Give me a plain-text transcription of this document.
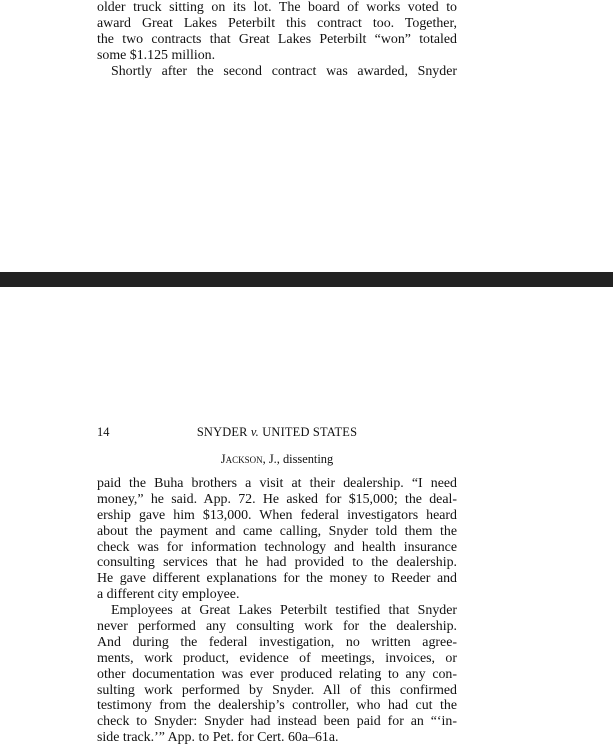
older truck sitting on its lot. The board of works voted to
award Great Lakes Peterbilt this contract too. Together,
the two contracts that Great Lakes Peterbilt “won” totaled
some $1.125 million.
Shortly after the second contract was awarded, Snyder
14	SNYDER v. UNITED STATES
Jackson, J., dissenting
paid the Buha brothers a visit at their dealership. “I need
money,” he said. App. 72. He asked for $15,000; the deal-
ership gave him $13,000. When federal investigators heard
about the payment and came calling, Snyder told them the
check was for information technology and health insurance
consulting services that he had provided to the dealership.
He gave different explanations for the money to Reeder and
a different city employee.
Employees at Great Lakes Peterbilt testified that Snyder
never performed any consulting work for the dealership.
And during the federal investigation, no written agree-
ments, work product, evidence of meetings, invoices, or
other documentation was ever produced relating to any con-
sulting work performed by Snyder. All of this confirmed
testimony from the dealership’s controller, who had cut the
check to Snyder: Snyder had instead been paid for an “‘in-
side track.’” App. to Pet. for Cert. 60a–61a.
